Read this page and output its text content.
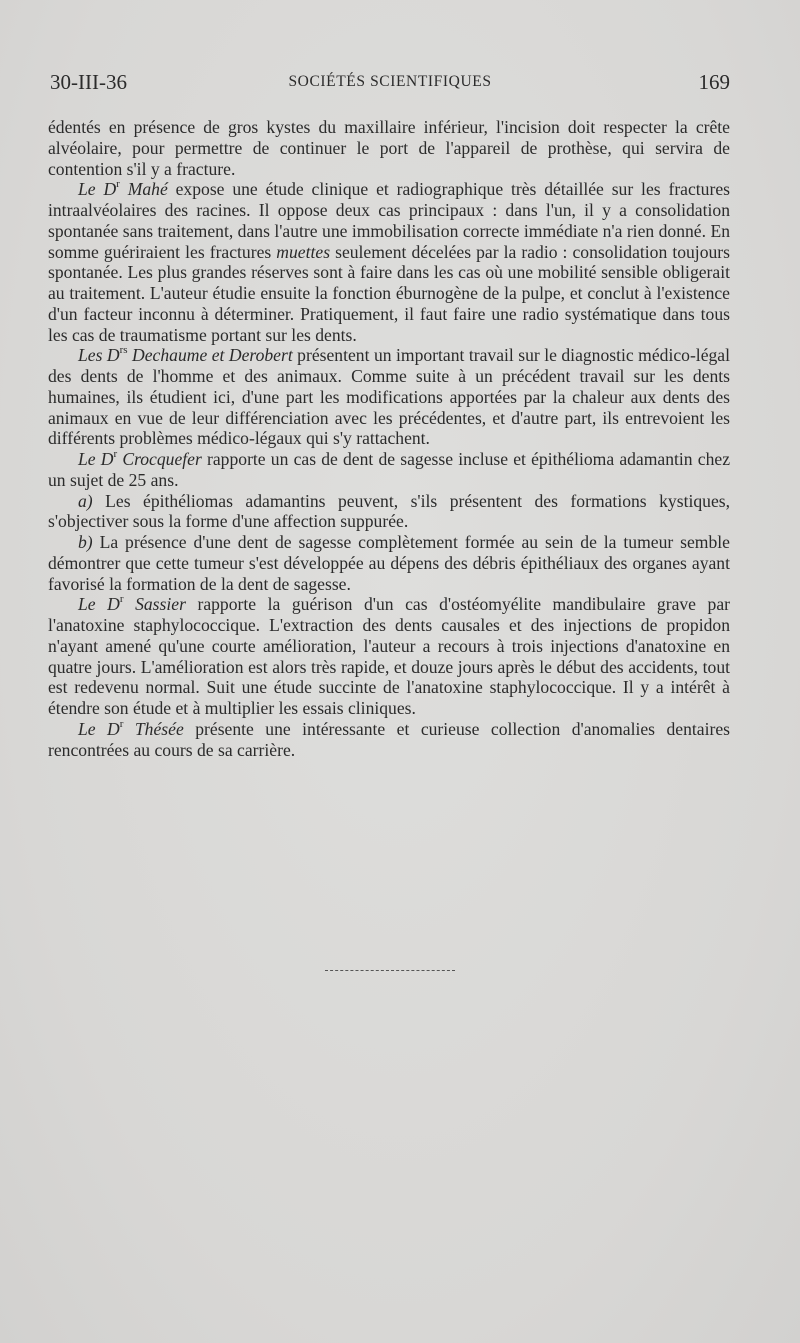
30-III-36	SOCIÉTÉS SCIENTIFIQUES	169

édentés en présence de gros kystes du maxillaire inférieur, l'incision doit respecter la crête alvéolaire, pour permettre de continuer le port de l'appareil de prothèse, qui servira de contention s'il y a fracture.

Le $D^r$ Mahé expose une étude clinique et radiographique très détaillée sur les fractures intraalvéolaires des racines. Il oppose deux cas principaux : dans l'un, il y a consolidation spontanée sans traitement, dans l'autre une immobilisation correcte immédiate n'a rien donné. En somme guériraient les fractures muettes seulement décelées par la radio : consolidation toujours spontanée. Les plus grandes réserves sont à faire dans les cas où une mobilité sensible obligerait au traitement. L'auteur étudie ensuite la fonction éburnogène de la pulpe, et conclut à l'existence d'un facteur inconnu à déterminer. Pratiquement, il faut faire une radio systématique dans tous les cas de traumatisme portant sur les dents.

Les $D^{rs}$ Dechaume et Derobert présentent un important travail sur le diagnostic médico-légal des dents de l'homme et des animaux. Comme suite à un précédent travail sur les dents humaines, ils étudient ici, d'une part les modifications apportées par la chaleur aux dents des animaux en vue de leur différenciation avec les précédentes, et d'autre part, ils entrevoient les différents problèmes médico-légaux qui s'y rattachent.

Le $D^r$ Crocquefer rapporte un cas de dent de sagesse incluse et épithélioma adamantin chez un sujet de 25 ans.

a) Les épithéliomas adamantins peuvent, s'ils présentent des formations kystiques, s'objectiver sous la forme d'une affection suppurée.

b) La présence d'une dent de sagesse complètement formée au sein de la tumeur semble démontrer que cette tumeur s'est développée au dépens des débris épithéliaux des organes ayant favorisé la formation de la dent de sagesse.

Le $D^r$ Sassier rapporte la guérison d'un cas d'ostéomyélite mandibulaire grave par l'anatoxine staphylococcique. L'extraction des dents causales et des injections de propidon n'ayant amené qu'une courte amélioration, l'auteur a recours à trois injections d'anatoxine en quatre jours. L'amélioration est alors très rapide, et douze jours après le début des accidents, tout est redevenu normal. Suit une étude succinte de l'anatoxine staphylococcique. Il y a intérêt à étendre son étude et à multiplier les essais cliniques.

Le $D^r$ Thésée présente une intéressante et curieuse collection d'anomalies dentaires rencontrées au cours de sa carrière.
